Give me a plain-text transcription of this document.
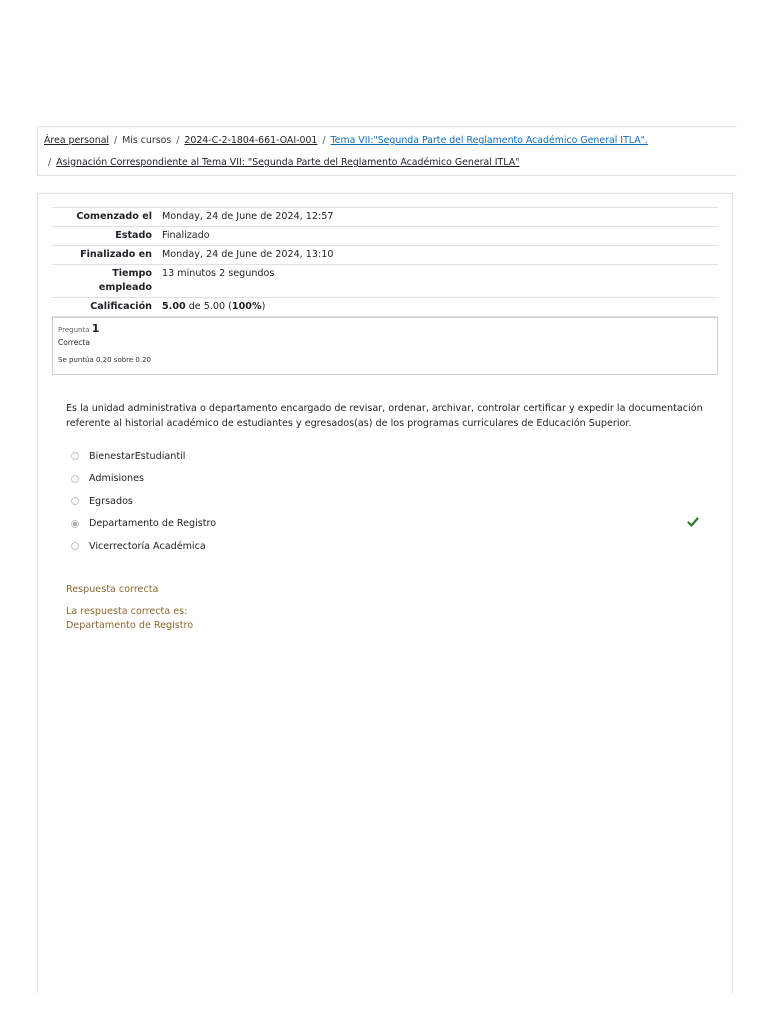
Área personal / Mis cursos / 2024-C-2-1804-661-OAI-001 / Tema VII:"Segunda Parte del Reglamento Académico General ITLA".
/ Asignación Correspondiente al Tema VII: "Segunda Parte del Reglamento Académico General ITLA"
Comenzado el	Monday, 24 de June de 2024, 12:57
Estado	Finalizado
Finalizado en	Monday, 24 de June de 2024, 13:10
Tiempo
empleado	13 minutos 2 segundos
Calificación	5.00 de 5.00 (100%)
Pregunta 1
Correcta
Se puntúa 0.20 sobre 0.20
Es la unidad administrativa o departamento encargado de revisar, ordenar, archivar, controlar certificar y expedir la documentación referente al historial académico de estudiantes y egresados(as) de los programas curriculares de Educación Superior.
BienestarEstudiantil
Admisiones
Egrsados
Departamento de Registro
Vicerrectoría Académica
Respuesta correcta
La respuesta correcta es:
Departamento de Registro
